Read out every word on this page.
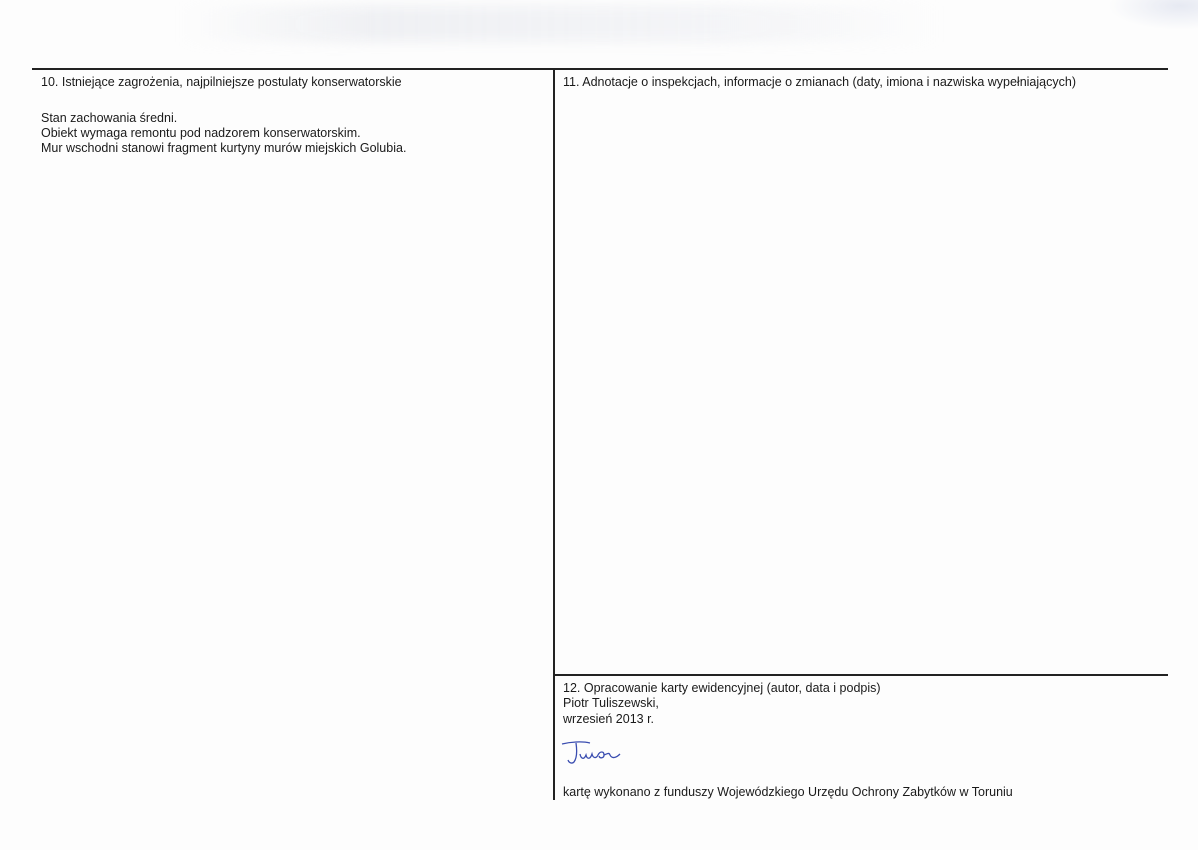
10. Istniejące zagrożenia, najpilniejsze postulaty konserwatorskie
Stan zachowania średni.
Obiekt wymaga remontu pod nadzorem konserwatorskim.
Mur wschodni stanowi fragment kurtyny murów miejskich Golubia.
11. Adnotacje o inspekcjach, informacje o zmianach (daty, imiona i nazwiska wypełniających)
12. Opracowanie karty ewidencyjnej (autor, data i podpis)
Piotr Tuliszewski,
wrzesień 2013 r.
kartę wykonano z funduszy Wojewódzkiego Urzędu Ochrony Zabytków w Toruniu
